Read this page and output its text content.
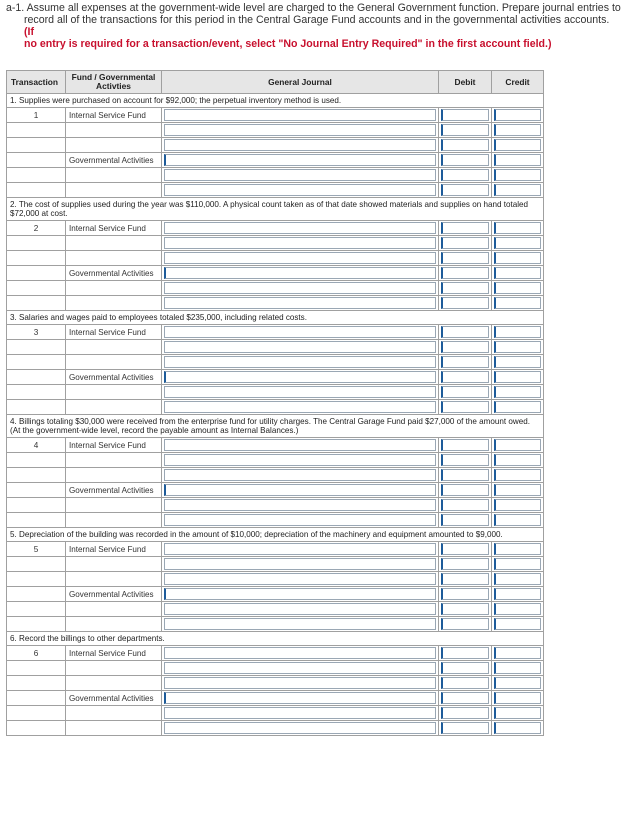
a-1. Assume all expenses at the government-wide level are charged to the General Government function. Prepare journal entries to
record all of the transactions for this period in the Central Garage Fund accounts and in the governmental activities accounts. (If
no entry is required for a transaction/event, select "No Journal Entry Required" in the first account field.)
Transaction	Fund / Governmental Activties	General Journal	Debit	Credit
1. Supplies were purchased on account for $92,000; the perpetual inventory method is used.				
1	Internal Service Fund	

	Governmental Activities	

2. The cost of supplies used during the year was $110,000. A physical count taken as of that date showed materials and supplies on hand totaled $72,000 at cost.				
2	Internal Service Fund	

	Governmental Activities	

3. Salaries and wages paid to employees totaled $235,000, including related costs.				
3	Internal Service Fund	

	Governmental Activities	

4. Billings totaling $30,000 were received from the enterprise fund for utility charges. The Central Garage Fund paid $27,000 of the amount owed. (At the government-wide level, record the payable amount as Internal Balances.)				
4	Internal Service Fund	

	Governmental Activities	

5. Depreciation of the building was recorded in the amount of $10,000; depreciation of the machinery and equipment amounted to $9,000.				
5	Internal Service Fund	

	Governmental Activities	

6. Record the billings to other departments.				
6	Internal Service Fund	

	Governmental Activities	
